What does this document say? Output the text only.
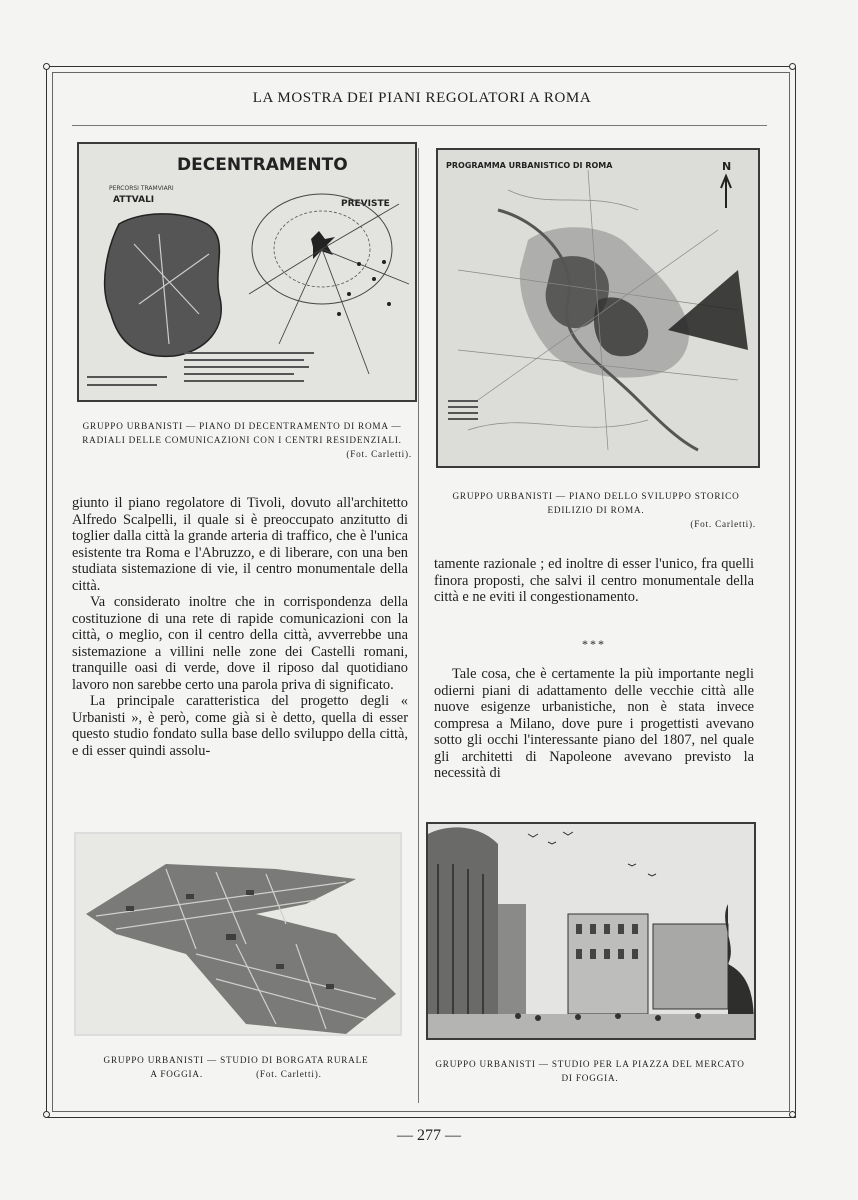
LA MOSTRA DEI PIANI REGOLATORI A ROMA
DECENTRAMENTO
PERCORSI TRAMVIARI
ATTVALI	PREVISTE
GRUPPO URBANISTI — PIANO DI DECENTRAMENTO DI ROMA —
RADIALI DELLE COMUNICAZIONI CON I CENTRI RESIDENZIALI.

(Fot. Carletti).
PROGRAMMA URBANISTICO DI ROMA	N
GRUPPO URBANISTI — PIANO DELLO SVILUPPO STORICO
EDILIZIO DI ROMA.

(Fot. Carletti).

giunto il piano regolatore di Tivoli, dovuto all'architetto Alfredo Scalpelli, il quale si è preoccupato anzitutto di toglier dalla città la grande arteria di traffico, che è l'unica esistente tra Roma e l'Abruzzo, e di liberare, con una ben studiata sistemazione di vie, il centro monumentale della città.

Va considerato inoltre che in corrispondenza della costituzione di una rete di rapide comunicazioni con la città, o meglio, con il centro della città, avverrebbe una sistemazione a villini nelle zone dei Castelli romani, tranquille oasi di verde, dove il riposo dal quotidiano lavoro non sarebbe certo una parola priva di significato.

La principale caratteristica del progetto degli « Urbanisti », è però, come già si è detto, quella di esser questo studio fondato sulla base dello sviluppo della città, e di esser quindi assolu-

tamente razionale ; ed inoltre di esser l'unico, fra quelli finora proposti, che salvi il centro monumentale della città e ne eviti il congestionamento.

***

Tale cosa, che è certamente la più importante negli odierni piani di adattamento delle vecchie città alle nuove esigenze urbanistiche, non è stata invece compresa a Milano, dove pure i progettisti avevano sotto gli occhi l'interessante piano del 1807, nel quale gli architetti di Napoleone avevano previsto la necessità di

GRUPPO URBANISTI — STUDIO DI BORGATA RURALE
A FOGGIA.	(Fot. Carletti).
GRUPPO URBANISTI — STUDIO PER LA PIAZZA DEL MERCATO
DI FOGGIA.
— 277 —
